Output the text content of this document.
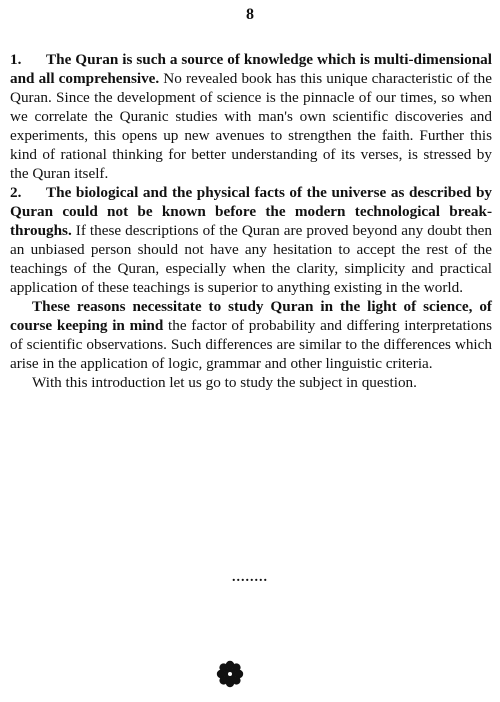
8

1. The Quran is such a source of knowledge which is multi-dimensional and all comprehensive. No revealed book has this unique characteristic of the Quran. Since the development of science is the pinnacle of our times, so when we correlate the Quranic studies with man's own scientific discoveries and experiments, this opens up new avenues to strengthen the faith. Further this kind of rational thinking for better understanding of its verses, is stressed by the Quran itself.

2. The biological and the physical facts of the universe as described by Quran could not be known before the modern technological break-throughs. If these descriptions of the Quran are proved beyond any doubt then an unbiased person should not have any hesitation to accept the rest of the teachings of the Quran, especially when the clarity, simplicity and practical application of these teachings is superior to anything existing in the world.

These reasons necessitate to study Quran in the light of science, of course keeping in mind the factor of probability and differing interpretations of scientific observations. Such differences are similar to the differences which arise in the application of logic, grammar and other linguistic criteria.

With this introduction let us go to study the subject in question.

........
